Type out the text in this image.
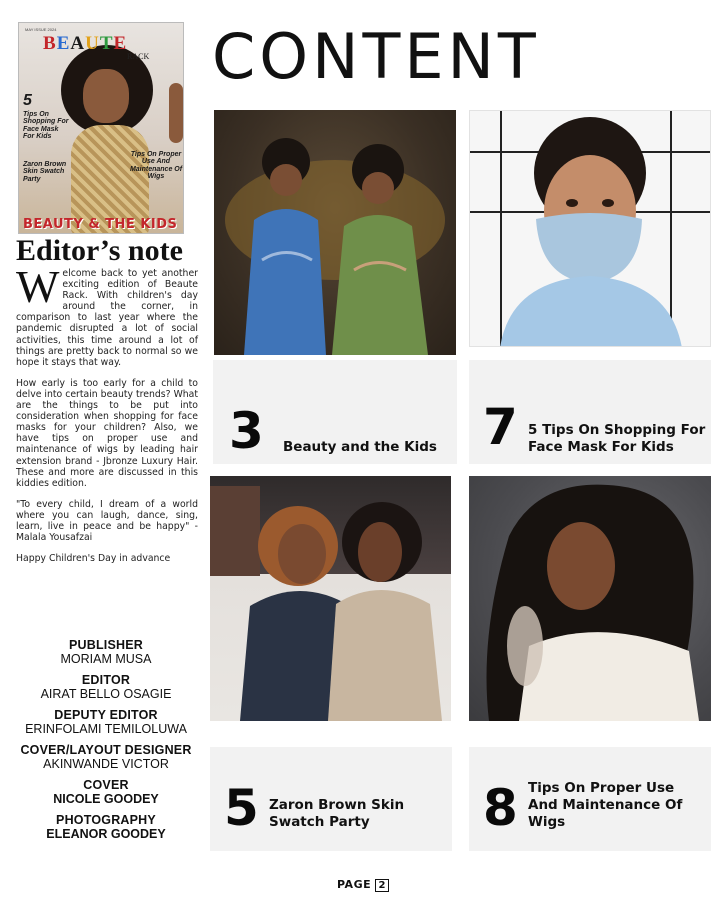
MAY ISSUE 2024
BEAUTE
RACK
5
Tips On Shopping For Face Mask For Kids
Zaron Brown Skin Swatch Party
Tips On Proper Use And Maintenance Of Wigs
BEAUTY & THE KIDS
Editor’s note

W elcome back to yet another exciting edition of Beaute Rack. With children's day around the corner, in comparison to last year where the pandemic disrupted a lot of social activities, this time around a lot of things are pretty back to normal so we hope it stays that way.

How early is too early for a child to delve into certain beauty trends? What are the things to be put into consideration when shopping for face masks for your children? Also, we have tips on proper use and maintenance of wigs by leading hair extension brand - Jbronze Luxury Hair. These and more are discussed in this kiddies edition.

"To every child, I dream of a world where you can laugh, dance, sing, learn, live in peace and be happy" -Malala Yousafzai

Happy Children's Day in advance

PUBLISHER
MORIAM MUSA
EDITOR
AIRAT BELLO OSAGIE
DEPUTY EDITOR
ERINFOLAMI TEMILOLUWA
COVER/LAYOUT DESIGNER
AKINWANDE VICTOR
COVER
NICOLE GOODEY
PHOTOGRAPHY
ELEANOR GOODEY
CONTENT
3 Beauty and the Kids 7 5 Tips On Shopping For Face Mask For Kids
5 Zaron Brown Skin Swatch Party	8 Tips On Proper Use And Maintenance Of Wigs
PAGE 2
